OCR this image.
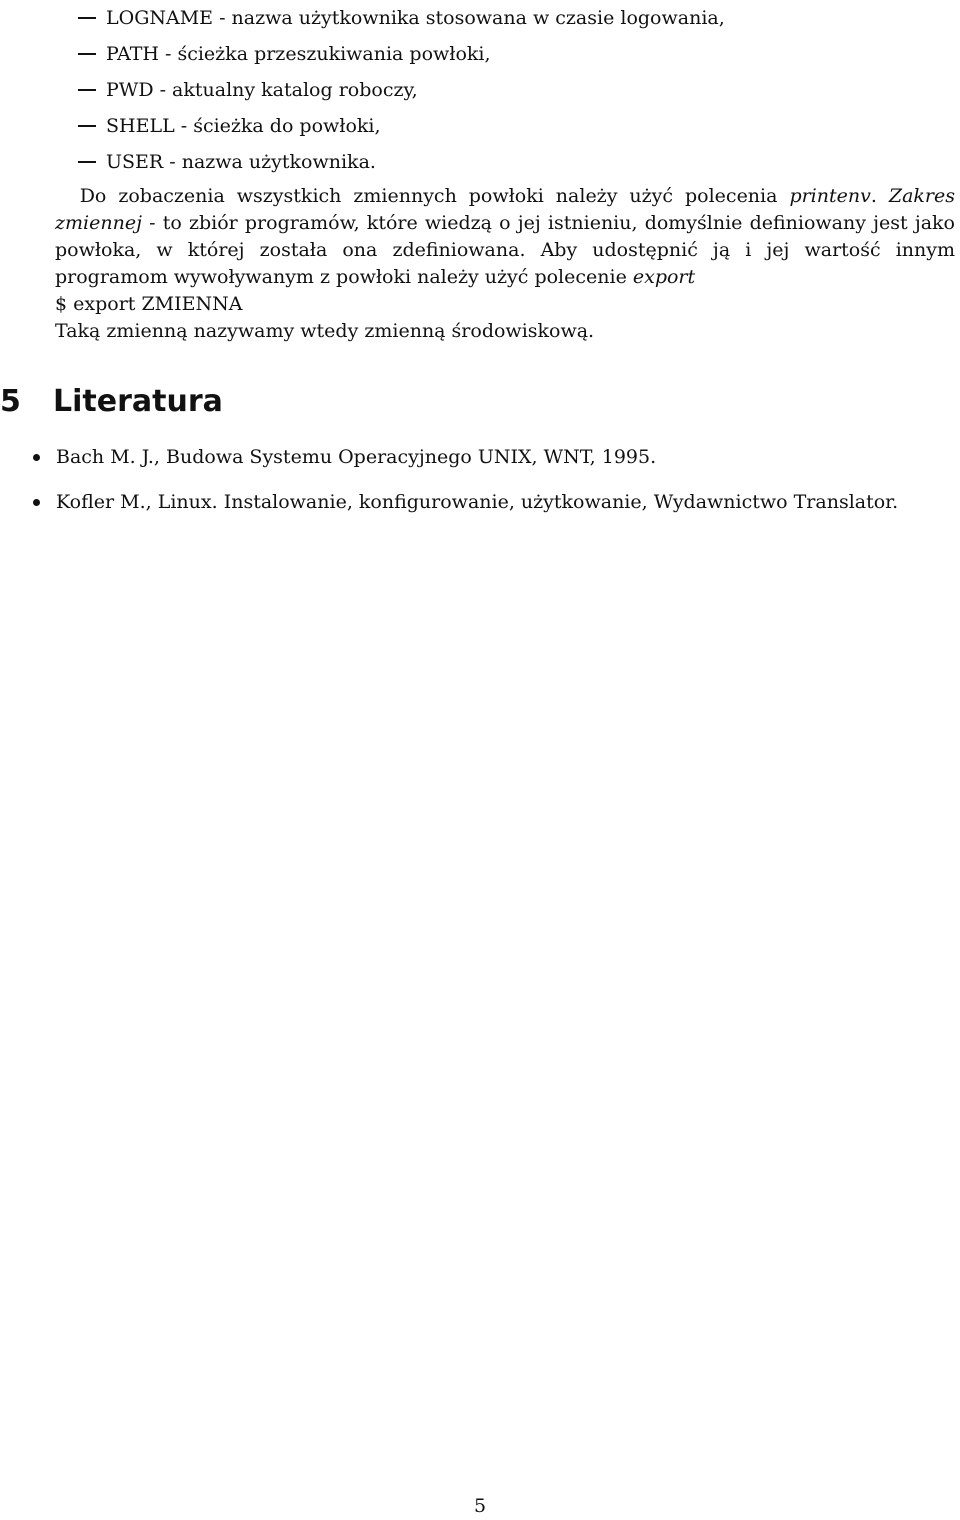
LOGNAME - nazwa użytkownika stosowana w czasie logowania,
PATH - ścieżka przeszukiwania powłoki,
PWD - aktualny katalog roboczy,
SHELL - ścieżka do powłoki,
USER - nazwa użytkownika.

Do zobaczenia wszystkich zmiennych powłoki należy użyć polecenia printenv. Zakres zmiennej - to zbiór programów, które wiedzą o jej istnieniu, domyślnie definiowany jest jako powłoka, w której została ona zdefiniowana. Aby udostępnić ją i jej wartość innym programom wywoływanym z powłoki należy użyć polecenie export

$ export ZMIENNA

Taką zmienną nazywamy wtedy zmienną środowiskową.

5 Literatura
Bach M. J., Budowa Systemu Operacyjnego UNIX, WNT, 1995.
Kofler M., Linux. Instalowanie, konfigurowanie, użytkowanie, Wydawnictwo Translator.
5
